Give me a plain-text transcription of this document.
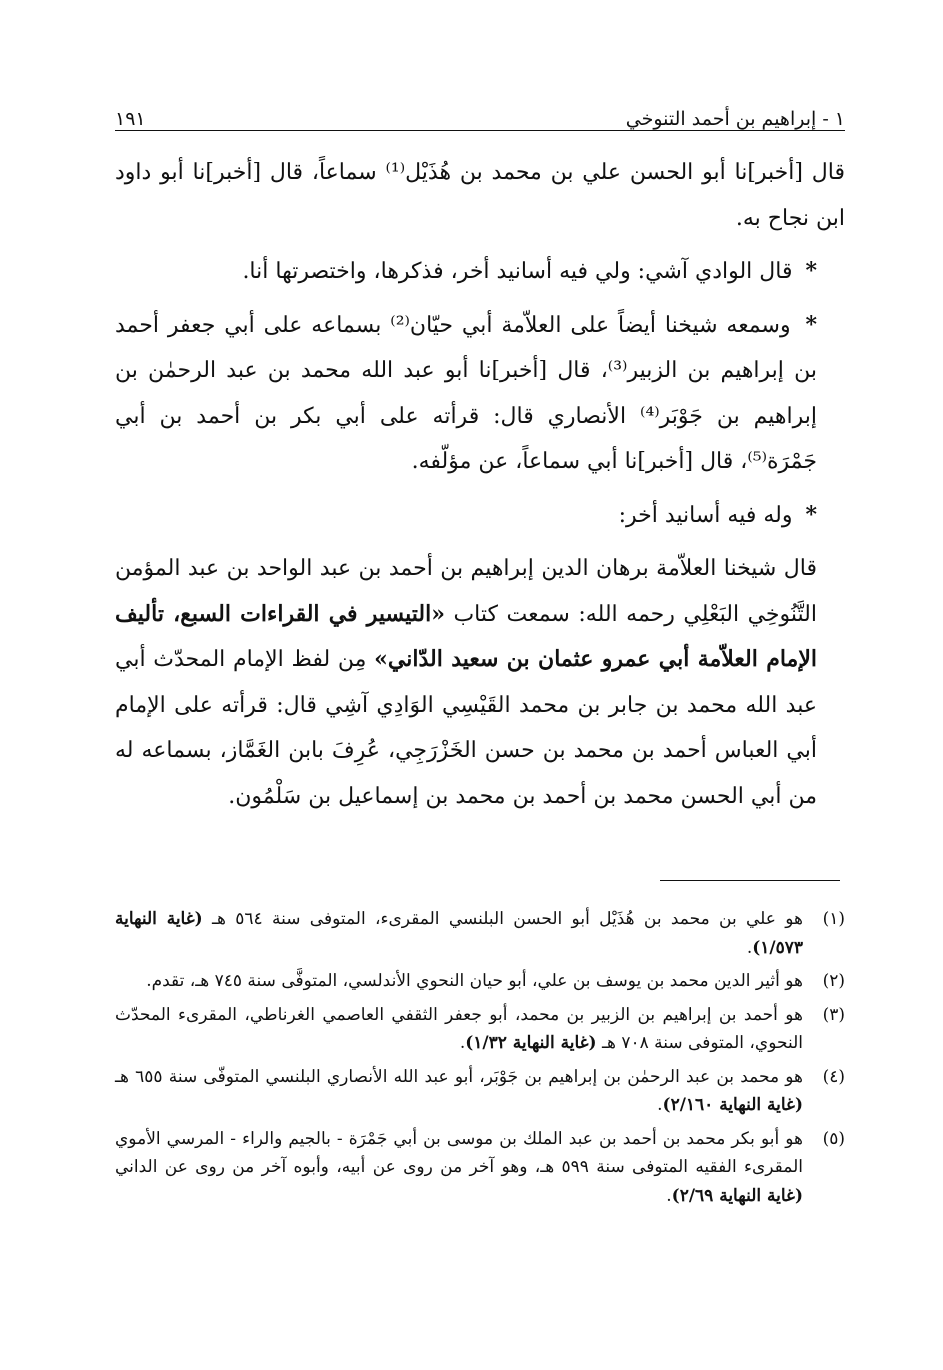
١ - إبراهيم بن أحمد التنوخي
١٩١

قال [أخبر]نا أبو الحسن علي بن محمد بن هُذَيْل⁽¹⁾ سماعاً، قال [أخبر]نا أبو داود ابن نجاح به.

* قال الوادي آشي: ولي فيه أسانيد أخر، فذكرها، واختصرتها أنا.

* وسمعه شيخنا أيضاً على العلاّمة أبي حيّان⁽²⁾ بسماعه على أبي جعفر أحمد بن إبراهيم بن الزبير⁽³⁾، قال [أخبر]نا أبو عبد الله محمد بن عبد الرحمٰن بن إبراهيم بن جَوْبَر⁽⁴⁾ الأنصاري قال: قرأته على أبي بكر بن أحمد بن أبي جَمْرَة⁽⁵⁾، قال [أخبر]نا أبي سماعاً، عن مؤلّفه.

* وله فيه أسانيد أخر:

قال شيخنا العلاّمة برهان الدين إبراهيم بن أحمد بن عبد الواحد بن عبد المؤمن التَّنُوخِي البَعْلِي رحمه الله: سمعت كتاب «التيسير في القراءات السبع، تأليف الإمام العلاّمة أبي عمرو عثمان بن سعيد الدّاني» مِن لفظ الإمام المحدّث أبي عبد الله محمد بن جابر بن محمد القَيْسِي الوَادِي آشِي قال: قرأته على الإمام أبي العباس أحمد بن محمد بن حسن الخَزْرَجِي، عُرِفَ بابن الغَمَّاز، بسماعه له من أبي الحسن محمد بن أحمد بن محمد بن إسماعيل بن سَلْمُون.

(١)
هو علي بن محمد بن هُذَيْل أبو الحسن البلنسي المقرىء، المتوفى سنة ٥٦٤ هـ (غاية النهاية ١/٥٧٣).
(٢)
هو أثير الدين محمد بن يوسف بن علي، أبو حيان النحوي الأندلسي، المتوفَّى سنة ٧٤٥ هـ، تقدم.
(٣)
هو أحمد بن إبراهيم بن الزبير بن محمد، أبو جعفر الثقفي العاصمي الغرناطي، المقرىء المحدّث النحوي، المتوفى سنة ٧٠٨ هـ (غاية النهاية ١/٣٢).
(٤)
هو محمد بن عبد الرحمٰن بن إبراهيم بن جَوْبَر، أبو عبد الله الأنصاري البلنسي المتوفّى سنة ٦٥٥ هـ (غاية النهاية ٢/١٦٠).
(٥)
هو أبو بكر محمد بن أحمد بن عبد الملك بن موسى بن أبي جَمْرَة - بالجيم والراء - المرسي الأموي المقرىء الفقيه المتوفى سنة ٥٩٩ هـ، وهو آخر من روى عن أبيه، وأبوه آخر من روى عن الداني (غاية النهاية ٢/٦٩).
